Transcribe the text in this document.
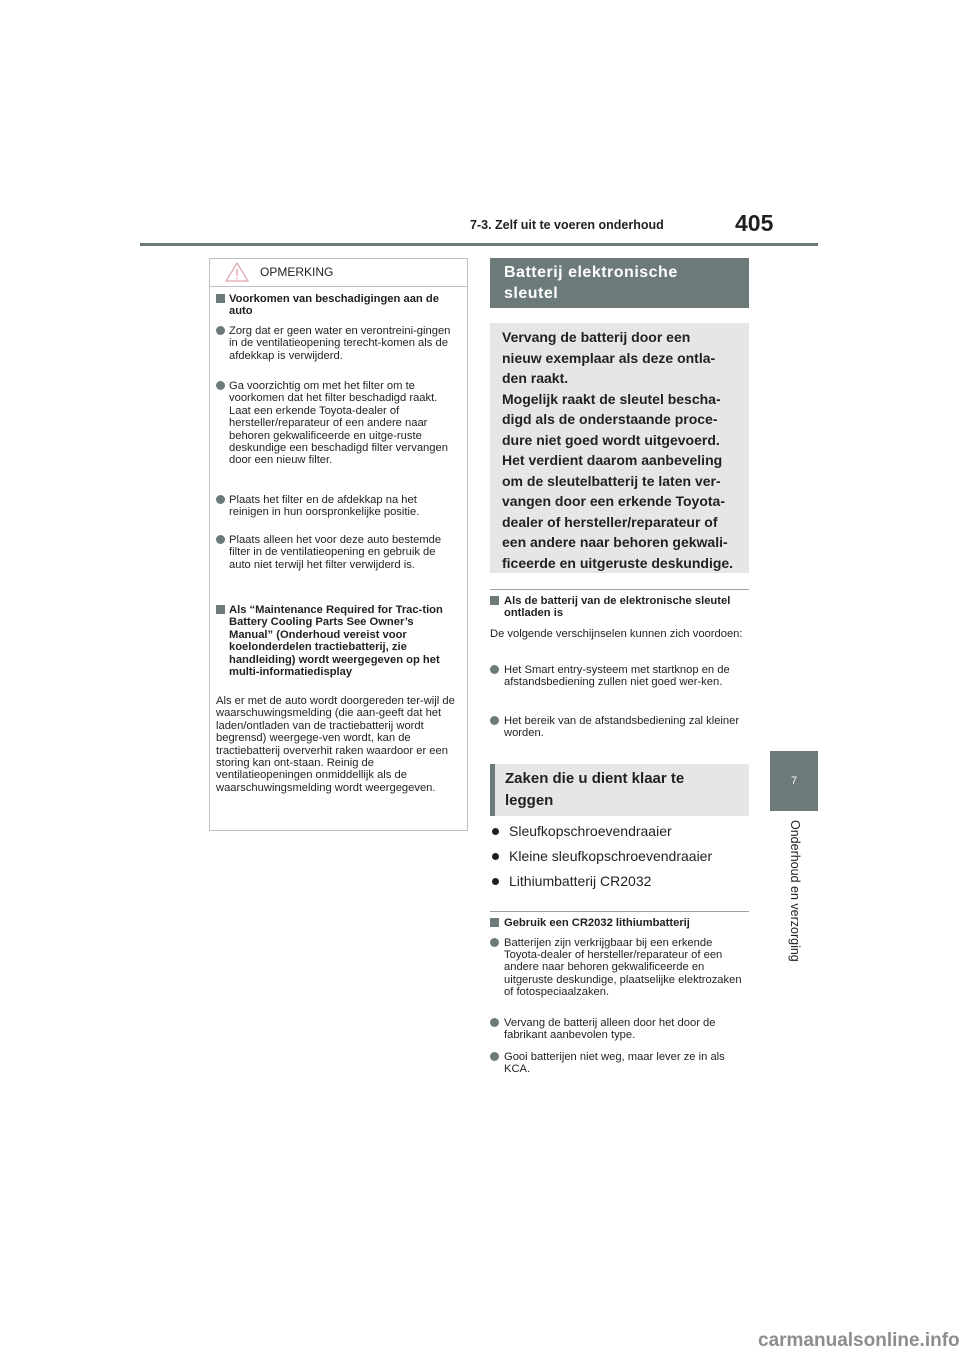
7-3. Zelf uit te voeren onderhoud	405
7
Onderhoud en verzorging
OPMERKING
Voorkomen van beschadigingen aan de auto
Zorg dat er geen water en verontreini-gingen in de ventilatieopening terecht-komen als de afdekkap is verwijderd.
Ga voorzichtig om met het filter om te voorkomen dat het filter beschadigd raakt. Laat een erkende Toyota-dealer of hersteller/reparateur of een andere naar behoren gekwalificeerde en uitge-ruste deskundige een beschadigd filter vervangen door een nieuw filter.
Plaats het filter en de afdekkap na het reinigen in hun oorspronkelijke positie.
Plaats alleen het voor deze auto bestemde filter in de ventilatieopening en gebruik de auto niet terwijl het filter verwijderd is.
Als “Maintenance Required for Trac-tion Battery Cooling Parts See Owner’s Manual” (Onderhoud vereist voor koelonderdelen tractiebatterij, zie handleiding) wordt weergegeven op het multi-informatiedisplay
Als er met de auto wordt doorgereden ter-wijl de waarschuwingsmelding (die aan-geeft dat het laden/ontladen van de tractiebatterij wordt begrensd) weergege-ven wordt, kan de tractiebatterij oververhit raken waardoor er een storing kan ont-staan. Reinig de ventilatieopeningen onmiddellijk als de waarschuwingsmelding wordt weergegeven.
Batterij elektronische sleutel
Vervang de batterij door een
nieuw exemplaar als deze ontla-
den raakt.
Mogelijk raakt de sleutel bescha-
digd als de onderstaande proce-
dure niet goed wordt uitgevoerd.
Het verdient daarom aanbeveling
om de sleutelbatterij te laten ver-
vangen door een erkende Toyota-
dealer of hersteller/reparateur of
een andere naar behoren gekwali-
ficeerde en uitgeruste deskundige.
Als de batterij van de elektronische sleutel ontladen is
De volgende verschijnselen kunnen zich voordoen:
Het Smart entry-systeem met startknop en de afstandsbediening zullen niet goed wer-ken.
Het bereik van de afstandsbediening zal kleiner worden.
Zaken die u dient klaar te leggen
Sleufkopschroevendraaier
Kleine sleufkopschroevendraaier
Lithiumbatterij CR2032
Gebruik een CR2032 lithiumbatterij
Batterijen zijn verkrijgbaar bij een erkende Toyota-dealer of hersteller/reparateur of een andere naar behoren gekwalificeerde en uitgeruste deskundige, plaatselijke elektrozaken of fotospeciaalzaken.
Vervang de batterij alleen door het door de fabrikant aanbevolen type.
Gooi batterijen niet weg, maar lever ze in als KCA.
carmanualsonline.info
